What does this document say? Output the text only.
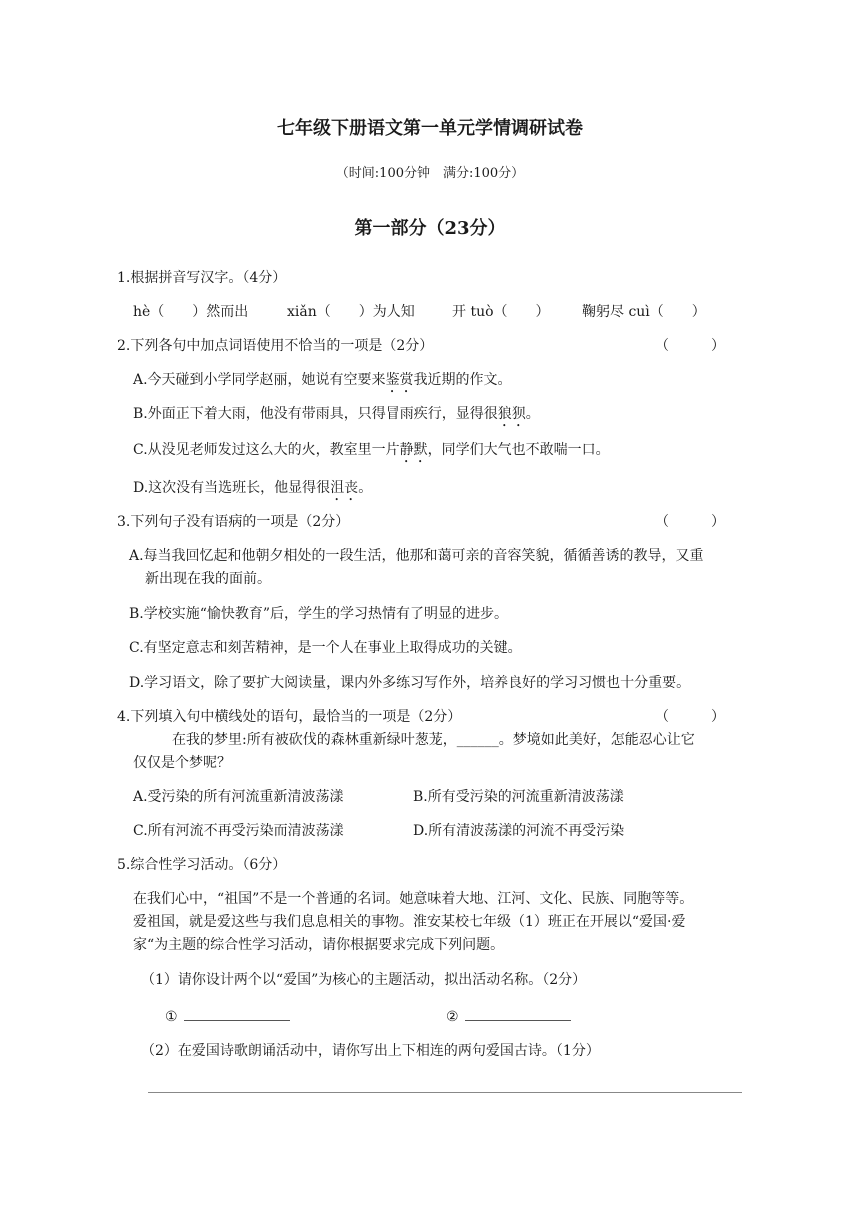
七年级下册语文第一单元学情调研试卷
（时间:100分钟　满分:100分）
第一部分（23分）
1.根据拼音写汉字。（4分）
hè（　　）然而出	xiǎn（　　）为人知	开 tuò（　　） 鞠躬尽 cuì（　　）
2.下列各句中加点词语使用不恰当的一项是（2分）	（　　　）
A.今天碰到小学同学赵丽，她说有空要来鉴赏我近期的作文。
B.外面正下着大雨，他没有带雨具，只得冒雨疾行，显得很狼狈。
C.从没见老师发过这么大的火，教室里一片静默，同学们大气也不敢喘一口。
D.这次没有当选班长，他显得很沮丧。
3.下列句子没有语病的一项是（2分）	（　　　）
A.每当我回忆起和他朝夕相处的一段生活，他那和蔼可亲的音容笑貌，循循善诱的教导，又重
新出现在我的面前。
B.学校实施“愉快教育”后，学生的学习热情有了明显的进步。
C.有坚定意志和刻苦精神，是一个人在事业上取得成功的关键。
D.学习语文，除了要扩大阅读量，课内外多练习写作外，培养良好的学习习惯也十分重要。
4.下列填入句中横线处的语句，最恰当的一项是（2分）	（　　　）
在我的梦里:所有被砍伐的森林重新绿叶葱茏，______。梦境如此美好，怎能忍心让它
仅仅是个梦呢？
A.受污染的所有河流重新清波荡漾	B.所有受污染的河流重新清波荡漾
C.所有河流不再受污染而清波荡漾	D.所有清波荡漾的河流不再受污染
5.综合性学习活动。（6分）
在我们心中，“祖国”不是一个普通的名词。她意味着大地、江河、文化、民族、同胞等等。
爱祖国，就是爱这些与我们息息相关的事物。淮安某校七年级（1）班正在开展以“爱国·爱
家“为主题的综合性学习活动，请你根据要求完成下列问题。
（1）请你设计两个以“爱国”为核心的主题活动，拟出活动名称。（2分）
①	②
（2）在爱国诗歌朗诵活动中，请你写出上下相连的两句爱国古诗。（1分）
